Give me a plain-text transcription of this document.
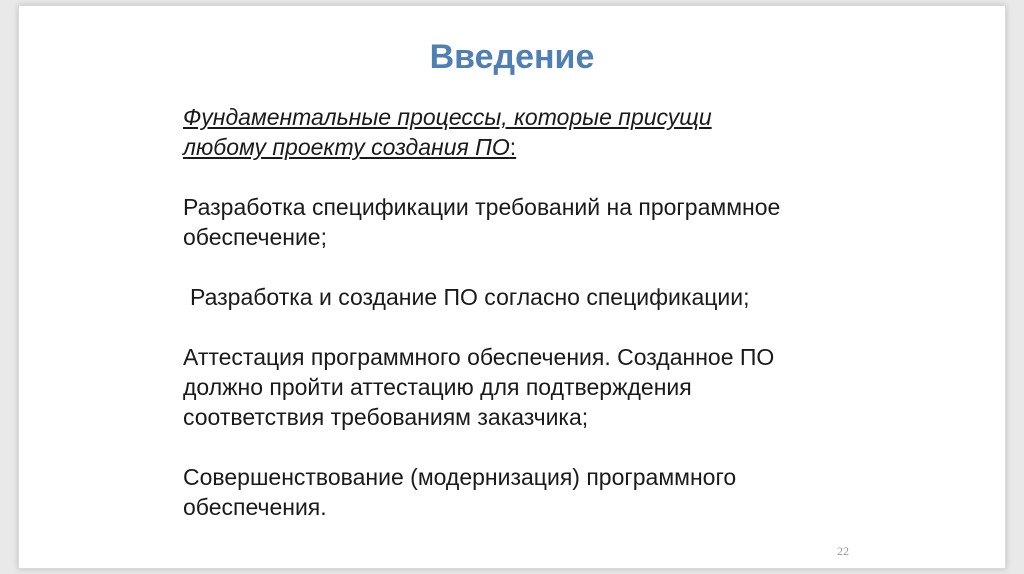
Введение
Фундаментальные процессы, которые присущи
любому проекту создания ПО:
Разработка спецификации требований на программное
обеспечение;
Разработка и создание ПО согласно спецификации;
Аттестация программного обеспечения. Созданное ПО
должно пройти аттестацию для подтверждения
соответствия требованиям заказчика;
Совершенствование (модернизация) программного
обеспечения.
22
